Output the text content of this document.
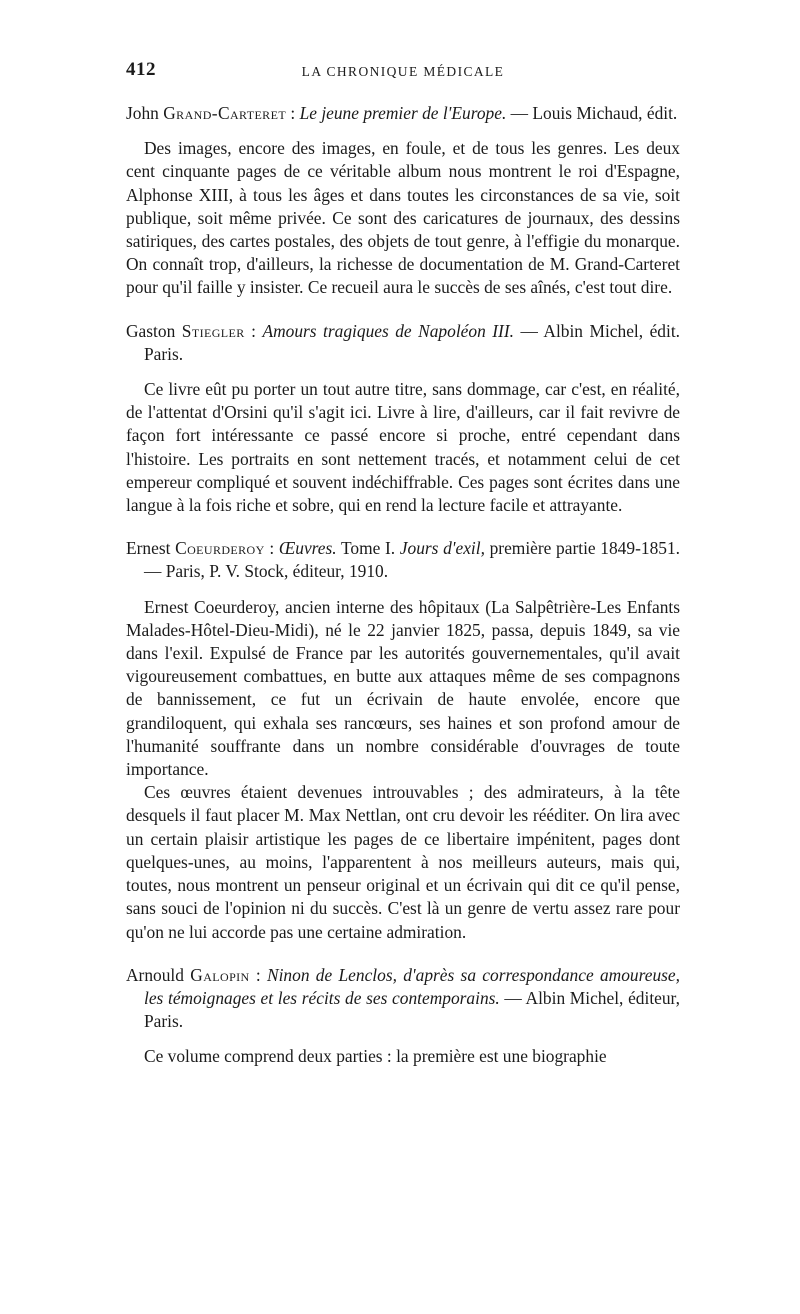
412	LA CHRONIQUE MÉDICALE

John Grand-Carteret : Le jeune premier de l'Europe. — Louis Michaud, édit.

Des images, encore des images, en foule, et de tous les genres. Les deux cent cinquante pages de ce véritable album nous montrent le roi d'Espagne, Alphonse XIII, à tous les âges et dans toutes les circonstances de sa vie, soit publique, soit même privée. Ce sont des caricatures de journaux, des dessins satiriques, des cartes postales, des objets de tout genre, à l'effigie du monarque. On connaît trop, d'ailleurs, la richesse de documentation de M. Grand-Carteret pour qu'il faille y insister. Ce recueil aura le succès de ses aînés, c'est tout dire.

Gaston Stiegler : Amours tragiques de Napoléon III. — Albin Michel, édit. Paris.

Ce livre eût pu porter un tout autre titre, sans dommage, car c'est, en réalité, de l'attentat d'Orsini qu'il s'agit ici. Livre à lire, d'ailleurs, car il fait revivre de façon fort intéressante ce passé encore si proche, entré cependant dans l'histoire. Les portraits en sont nettement tracés, et notamment celui de cet empereur compliqué et souvent indéchiffrable. Ces pages sont écrites dans une langue à la fois riche et sobre, qui en rend la lecture facile et attrayante.

Ernest Coeurderoy : Œuvres. Tome I. Jours d'exil, première partie 1849-1851. — Paris, P. V. Stock, éditeur, 1910.

Ernest Coeurderoy, ancien interne des hôpitaux (La Salpêtrière-Les Enfants Malades-Hôtel-Dieu-Midi), né le 22 janvier 1825, passa, depuis 1849, sa vie dans l'exil. Expulsé de France par les autorités gouvernementales, qu'il avait vigoureusement combattues, en butte aux attaques même de ses compagnons de bannissement, ce fut un écrivain de haute envolée, encore que grandiloquent, qui exhala ses rancœurs, ses haines et son profond amour de l'humanité souffrante dans un nombre considérable d'ouvrages de toute importance.

Ces œuvres étaient devenues introuvables ; des admirateurs, à la tête desquels il faut placer M. Max Nettlan, ont cru devoir les rééditer. On lira avec un certain plaisir artistique les pages de ce libertaire impénitent, pages dont quelques-unes, au moins, l'apparentent à nos meilleurs auteurs, mais qui, toutes, nous montrent un penseur original et un écrivain qui dit ce qu'il pense, sans souci de l'opinion ni du succès. C'est là un genre de vertu assez rare pour qu'on ne lui accorde pas une certaine admiration.

Arnould Galopin : Ninon de Lenclos, d'après sa correspondance amoureuse, les témoignages et les récits de ses contemporains. — Albin Michel, éditeur, Paris.

Ce volume comprend deux parties : la première est une biographie
